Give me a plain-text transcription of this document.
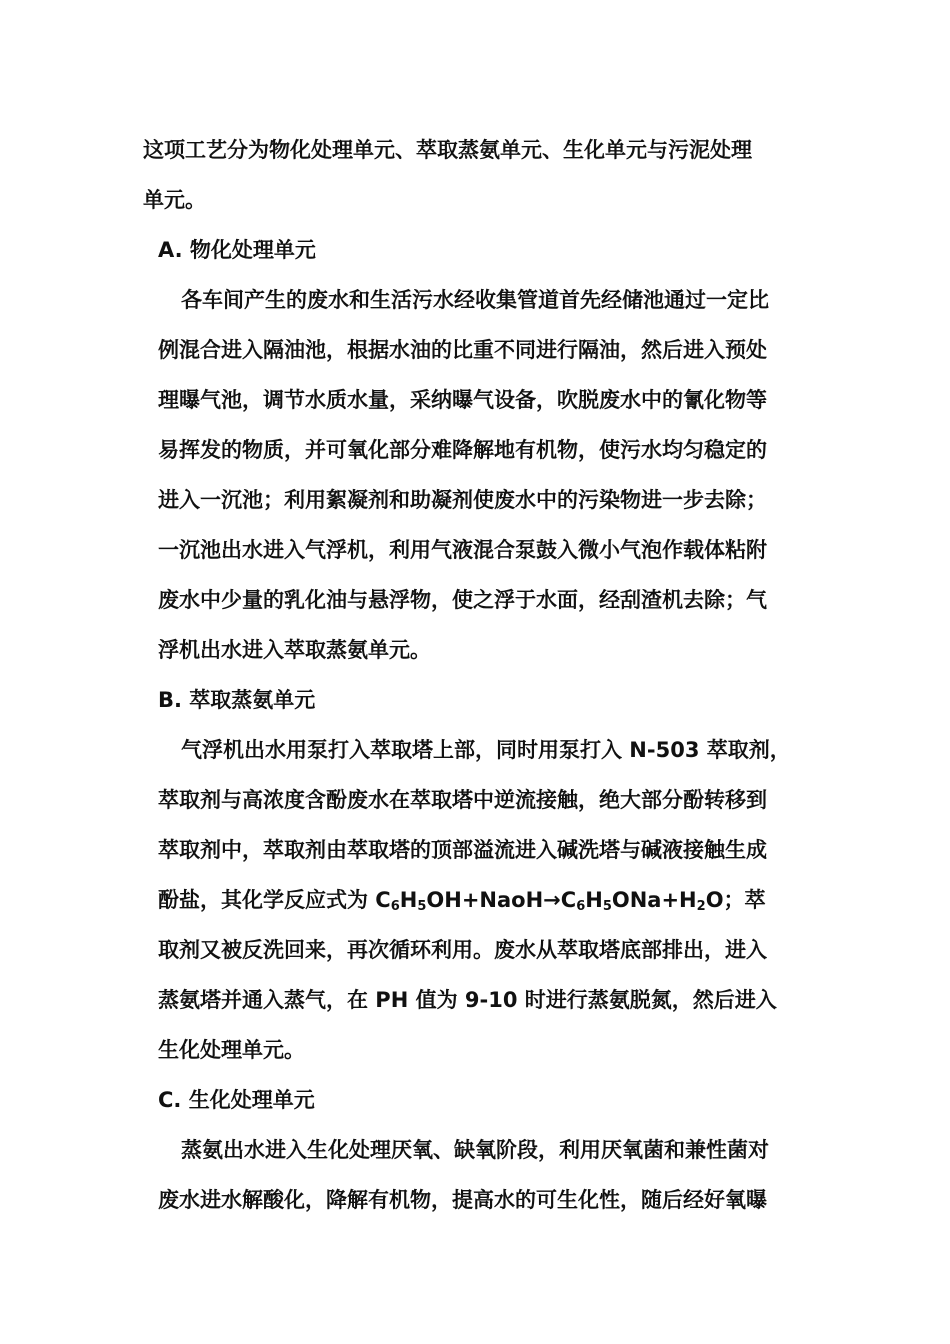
这项工艺分为物化处理单元、萃取蒸氨单元、生化单元与污泥处理
单元。
A. 物化处理单元
各车间产生的废水和生活污水经收集管道首先经储池通过一定比
例混合进入隔油池，根据水油的比重不同进行隔油，然后进入预处
理曝气池，调节水质水量，采纳曝气设备，吹脱废水中的氰化物等
易挥发的物质，并可氧化部分难降解地有机物，使污水均匀稳定的
进入一沉池；利用絮凝剂和助凝剂使废水中的污染物进一步去除；
一沉池出水进入气浮机，利用气液混合泵鼓入微小气泡作载体粘附
废水中少量的乳化油与悬浮物，使之浮于水面，经刮渣机去除；气
浮机出水进入萃取蒸氨单元。
B. 萃取蒸氨单元
气浮机出水用泵打入萃取塔上部，同时用泵打入 N-503 萃取剂，
萃取剂与高浓度含酚废水在萃取塔中逆流接触，绝大部分酚转移到
萃取剂中，萃取剂由萃取塔的顶部溢流进入碱洗塔与碱液接触生成
酚盐，其化学反应式为 $C_6H_5OH+NaoH\to C_6H_5ONa+H_2O$；萃
取剂又被反洗回来，再次循环利用。废水从萃取塔底部排出，进入
蒸氨塔并通入蒸气，在 PH 值为 9-10 时进行蒸氨脱氮，然后进入
生化处理单元。
C. 生化处理单元
蒸氨出水进入生化处理厌氧、缺氧阶段，利用厌氧菌和兼性菌对
废水进水解酸化，降解有机物，提高水的可生化性，随后经好氧曝
